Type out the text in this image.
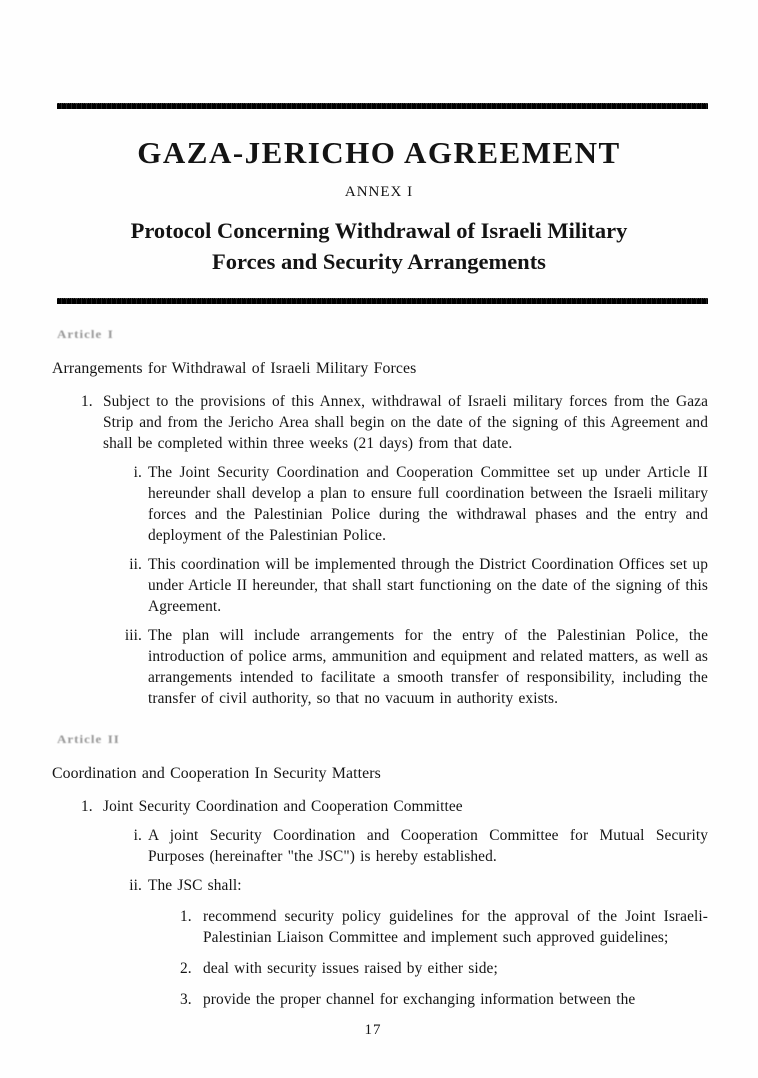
GAZA-JERICHO AGREEMENT
ANNEX I
Protocol Concerning Withdrawal of Israeli Military
Forces and Security Arrangements
Article I
Arrangements for Withdrawal of Israeli Military Forces
1. Subject to the provisions of this Annex, withdrawal of Israeli military forces from the Gaza Strip and from the Jericho Area shall begin on the date of the signing of this Agreement and shall be completed within three weeks (21 days) from that date.
i. The Joint Security Coordination and Cooperation Committee set up under Article II hereunder shall develop a plan to ensure full coordination between the Israeli military forces and the Palestinian Police during the withdrawal phases and the entry and deployment of the Palestinian Police.
ii. This coordination will be implemented through the District Coordination Offices set up under Article II hereunder, that shall start functioning on the date of the signing of this Agreement.
iii. The plan will include arrangements for the entry of the Palestinian Police, the introduction of police arms, ammunition and equipment and related matters, as well as arrangements intended to facilitate a smooth transfer of responsibility, including the transfer of civil authority, so that no vacuum in authority exists.
Article II
Coordination and Cooperation In Security Matters
1. Joint Security Coordination and Cooperation Committee
i. A joint Security Coordination and Cooperation Committee for Mutual Security Purposes (hereinafter "the JSC") is hereby established.
ii. The JSC shall:
1. recommend security policy guidelines for the approval of the Joint Israeli-Palestinian Liaison Committee and implement such approved guidelines;
2. deal with security issues raised by either side;
3. provide the proper channel for exchanging information between the
17
